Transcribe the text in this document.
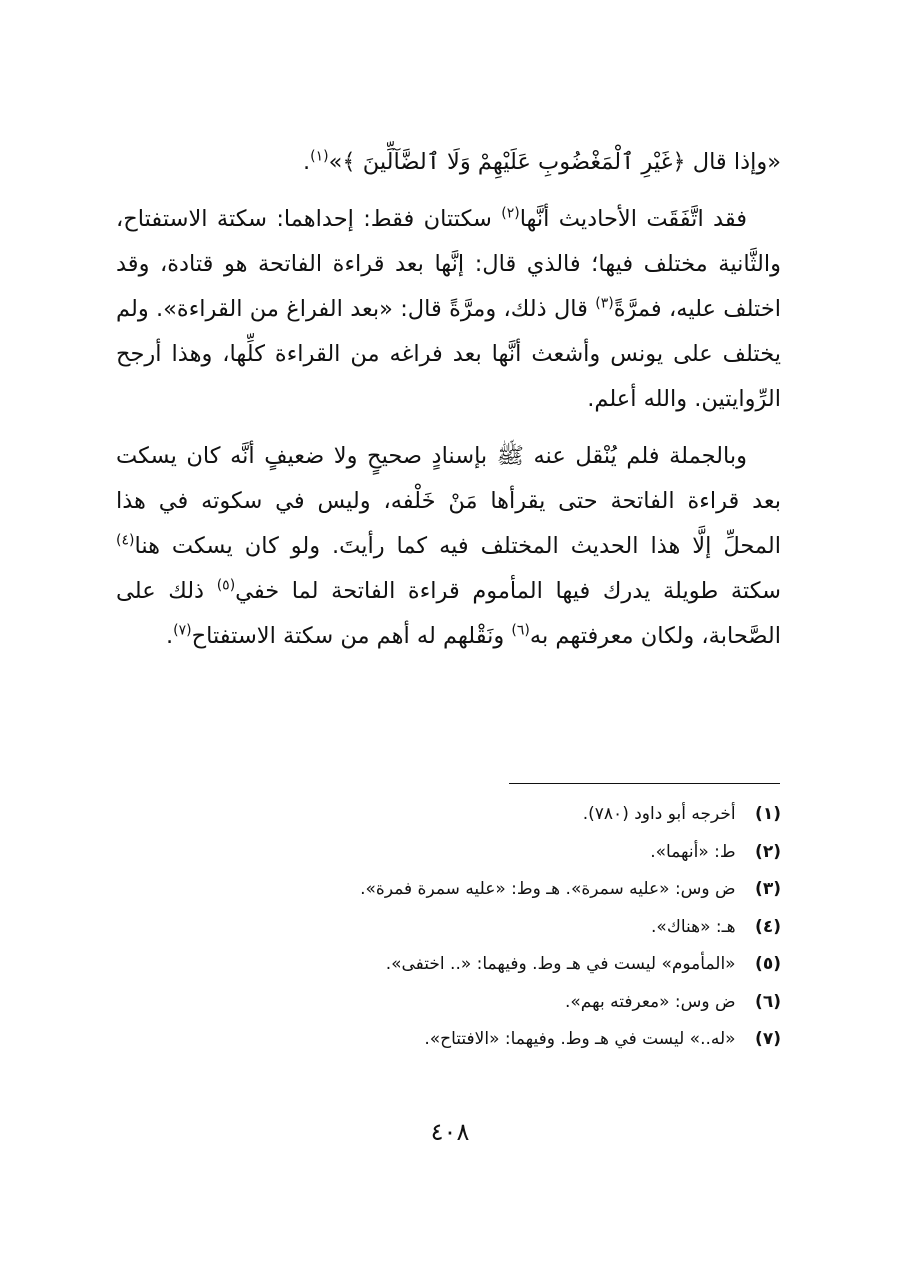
«وإذا قال ﴿غَيْرِ ٱلْمَغْضُوبِ عَلَيْهِمْ وَلَا ٱلضَّآلِّينَ ﴾»$^{(١)}$.

فقد اتَّفَقَت الأحاديث أنَّها$^{(٢)}$ سكتتان فقط: إحداهما: سكتة الاستفتاح، والثَّانية مختلف فيها؛ فالذي قال: إنَّها بعد قراءة الفاتحة هو قتادة، وقد اختلف عليه، فمرَّةً$^{(٣)}$ قال ذلك، ومرَّةً قال: «بعد الفراغ من القراءة». ولم يختلف على يونس وأشعث أنَّها بعد فراغه من القراءة كلِّها، وهذا أرجح الرِّوايتين. والله أعلم.

وبالجملة فلم يُنْقل عنه ﷺ بإسنادٍ صحيحٍ ولا ضعيفٍ أنَّه كان يسكت بعد قراءة الفاتحة حتى يقرأها مَنْ خَلْفه، وليس في سكوته في هذا المحلِّ إلَّا هذا الحديث المختلف فيه كما رأيتَ. ولو كان يسكت هنا$^{(٤)}$ سكتة طويلة يدرك فيها المأموم قراءة الفاتحة لما خفي$^{(٥)}$ ذلك على الصَّحابة، ولكان معرفتهم به$^{(٦)}$ ونَقْلهم له أهم من سكتة الاستفتاح$^{(٧)}$.

(١) أخرجه أبو داود (٧٨٠).
(٢) ط: «أنهما».
(٣) ض وس: «عليه سمرة». هـ وط: «عليه سمرة فمرة».
(٤) هـ: «هناك».
(٥) «المأموم» ليست في هـ وط. وفيهما: «.. اختفى».
(٦) ض وس: «معرفته بهم».
(٧) «له..» ليست في هـ وط. وفيهما: «الافتتاح».
٤٠٨
